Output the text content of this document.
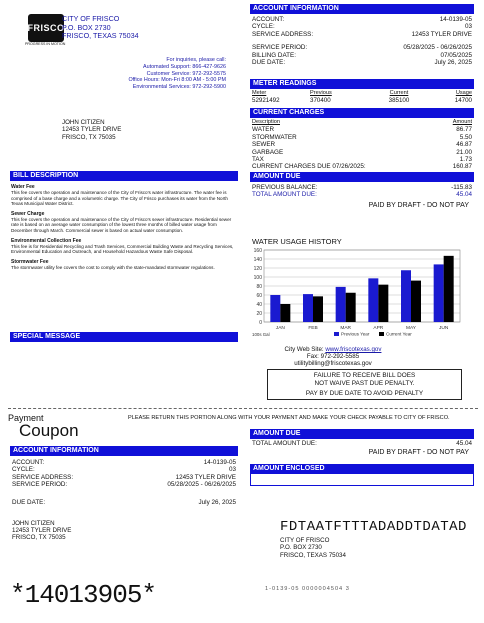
FRISCO
PROGRESS IN MOTION
CITY OF FRISCO
P.O. BOX 2730
FRISCO, TEXAS 75034
For inquiries, please call:
Automated Support: 866-427-9626
Customer Service: 972-292-5575
Office Hours: Mon-Fri 8:00 AM - 5:00 PM
Environmental Services: 972-292-5900
JOHN CITIZEN
12453 TYLER DRIVE
FRISCO, TX 75035
ACCOUNT INFORMATION
ACCOUNT:	14-0139-05
CYCLE:	03
SERVICE ADDRESS:	12453 TYLER DRIVE
SERVICE PERIOD:	05/28/2025 - 06/26/2025
BILLING DATE:	07/05/2025
DUE DATE:	July 26, 2025
METER READINGS
Meter	Previous	Current	Usage
52921492	370400	385100	14700
CURRENT CHARGES
Description	Amount
WATER	86.77
STORMWATER	5.50
SEWER	46.87
GARBAGE	21.00
TAX	1.73
CURRENT CHARGES DUE 07/26/2025:	160.87
AMOUNT DUE
PREVIOUS BALANCE:	-115.83
TOTAL AMOUNT DUE:	45.04
PAID BY DRAFT - DO NOT PAY
BILL DESCRIPTION
Water Fee
This fee covers the operation and maintenance of the City of Frisco's water infrastructure. The water fee is comprised of a base charge and a volumetric charge. The City of Frisco purchases its water from the North Texas Municipal Water District.
Sewer Charge
This fee covers the operation and maintenance of the City of Frisco's sewer infrastructure. Residential sewer rate is based on an average water consumption of the lowest three months of billed water usage from December through March. Commercial sewer is based on actual water consumption.
Environmental Collection Fee
This fee is for Residential Recycling and Trash Services, Commercial Building Waste and Recycling Services, Environmental Education and Outreach, and Household Hazardous Waste Safe Disposal.
Stormwater Fee
The stormwater utility fee covers the cost to comply with the state-mandated stormwater regulations.
SPECIAL MESSAGE
WATER USAGE HISTORY
160
140
120
100
80
60
40
20
0
JAN	FEB	MAR	APR	MAY	JUN
100s Gal	Previous Year	Current Year
City Web Site: www.friscotexas.gov
Fax: 972-292-5585
utilitybilling@friscotexas.gov
FAILURE TO RECEIVE BILL DOES
NOT WAIVE PAST DUE PENALTY.
PAY BY DUE DATE TO AVOID PENALTY
Payment
Coupon
PLEASE RETURN THIS PORTION ALONG WITH YOUR PAYMENT AND MAKE YOUR CHECK PAYABLE TO CITY OF FRISCO.
AMOUNT DUE
TOTAL AMOUNT DUE:	45.04
PAID BY DRAFT - DO NOT PAY
AMOUNT ENCLOSED
ACCOUNT INFORMATION
ACCOUNT:	14-0139-05
CYCLE:	03
SERVICE ADDRESS:	12453 TYLER DRIVE
SERVICE PERIOD:	05/28/2025 - 06/26/2025
DUE DATE:	July 26, 2025
JOHN CITIZEN
12453 TYLER DRIVE
FRISCO, TX 75035
FDTAATFTTTADADDTDATAD
CITY OF FRISCO
P.O. BOX 2730
FRISCO, TEXAS 75034
*14013905*	1-0139-05 0000004504 3
